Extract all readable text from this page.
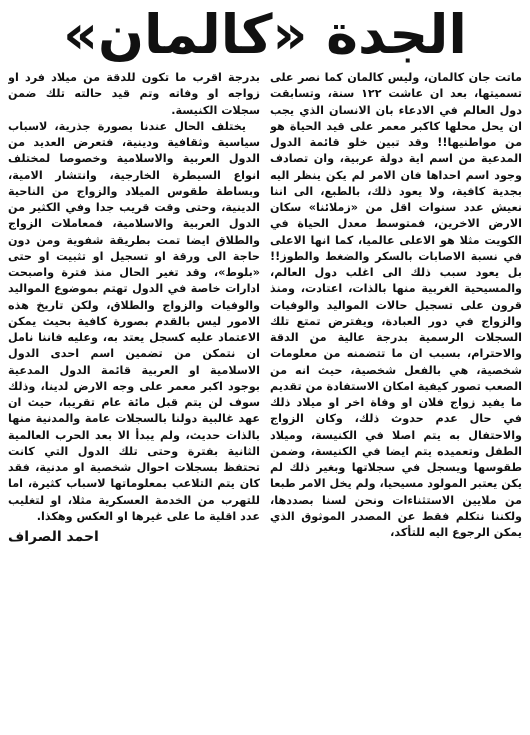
الجدة «كالمان»

ماتت جان كالمان، وليس كالمان كما نصر على تسميتها، بعد ان عاشت ١٢٢ سنة، وتسابقت دول العالم في الادعاء بان الانسان الذي يجب ان يحل محلها كاكبر معمر على قيد الحياة هو من مواطنيها!! وقد تبين خلو قائمة الدول المدعية من اسم اية دولة عربية، وان تصادف وجود اسم احداها فان الامر لم يكن ينظر اليه بجدية كافية، ولا يعود ذلك، بالطبع، الى اننا نعيش عدد سنوات اقل من «زملائنا» سكان الارض الاخرين، فمتوسط معدل الحياة في الكويت مثلا هو الاعلى عالميا، كما انها الاعلى في نسبة الاصابات بالسكر والضغط والطوز!! بل يعود سبب ذلك الى اغلب دول العالم، والمسيحية الغربية منها بالذات، اعتادت، ومنذ قرون على تسجيل حالات المواليد والوفيات والزواج في دور العبادة، ويفترض تمتع تلك السجلات الرسمية بدرجة عالية من الدقة والاحترام، بسبب ان ما تتضمنه من معلومات شخصية، هي بالفعل شخصية، حيث انه من الصعب تصور كيفية امكان الاستفادة من تقديم ما يفيد زواج فلان او وفاة اخر او ميلاد ذلك في حال عدم حدوث ذلك، وكان الزواج والاحتفال به يتم اصلا في الكنيسة، وميلاد الطفل وتعميده يتم ايضا في الكنيسة، وضمن طقوسها ويسجل في سجلاتها وبغير ذلك لم يكن يعتبر المولود مسيحيا، ولم يخل الامر طبعا من ملايين الاستثناءات ونحن لسنا بصددها، ولكننا نتكلم فقط عن المصدر الموثوق الذي يمكن الرجوع اليه للتأكد،

بدرجة اقرب ما تكون للدقة من ميلاد فرد او زواجه او وفاته وتم قيد حالته تلك ضمن سجلات الكنيسة.

يختلف الحال عندنا بصورة جذرية، لاسباب سياسية وثقافية ودينية، فتعرض العديد من الدول العربية والاسلامية وخصوصا لمختلف انواع السيطرة الخارجية، وانتشار الامية، وبساطة طقوس الميلاد والزواج من الناحية الدينية، وحتى وقت قريب جدا وفي الكثير من الدول العربية والاسلامية، فمعاملات الزواج والطلاق ايضا تمت بطريقة شفوية ومن دون حاجة الى ورقة او تسجيل او تثبيت او حتى «بلوط»، وقد تغير الحال منذ فترة واصبحت ادارات خاصة في الدول تهتم بموضوع المواليد والوفيات والزواج والطلاق، ولكن تاريخ هذه الامور ليس بالقدم بصورة كافية بحيث يمكن الاعتماد عليه كسجل يعتد به، وعليه فاننا نامل ان نتمكن من تضمين اسم احدى الدول الاسلامية او العربية قائمة الدول المدعية بوجود اكبر معمر على وجه الارض لدينا، وذلك سوف لن يتم قبل مائة عام تقريبا، حيث ان عهد غالبية دولنا بالسجلات عامة والمدنية منها بالذات حديث، ولم يبدأ الا بعد الحرب العالمية الثانية بفترة وحتى تلك الدول التي كانت تحتفظ بسجلات احوال شخصية او مدنية، فقد كان يتم التلاعب بمعلوماتها لاسباب كثيرة، اما للتهرب من الخدمة العسكرية مثلا، او لتغليب عدد اقلية ما على غيرها او العكس وهكذا.

احمد الصراف
